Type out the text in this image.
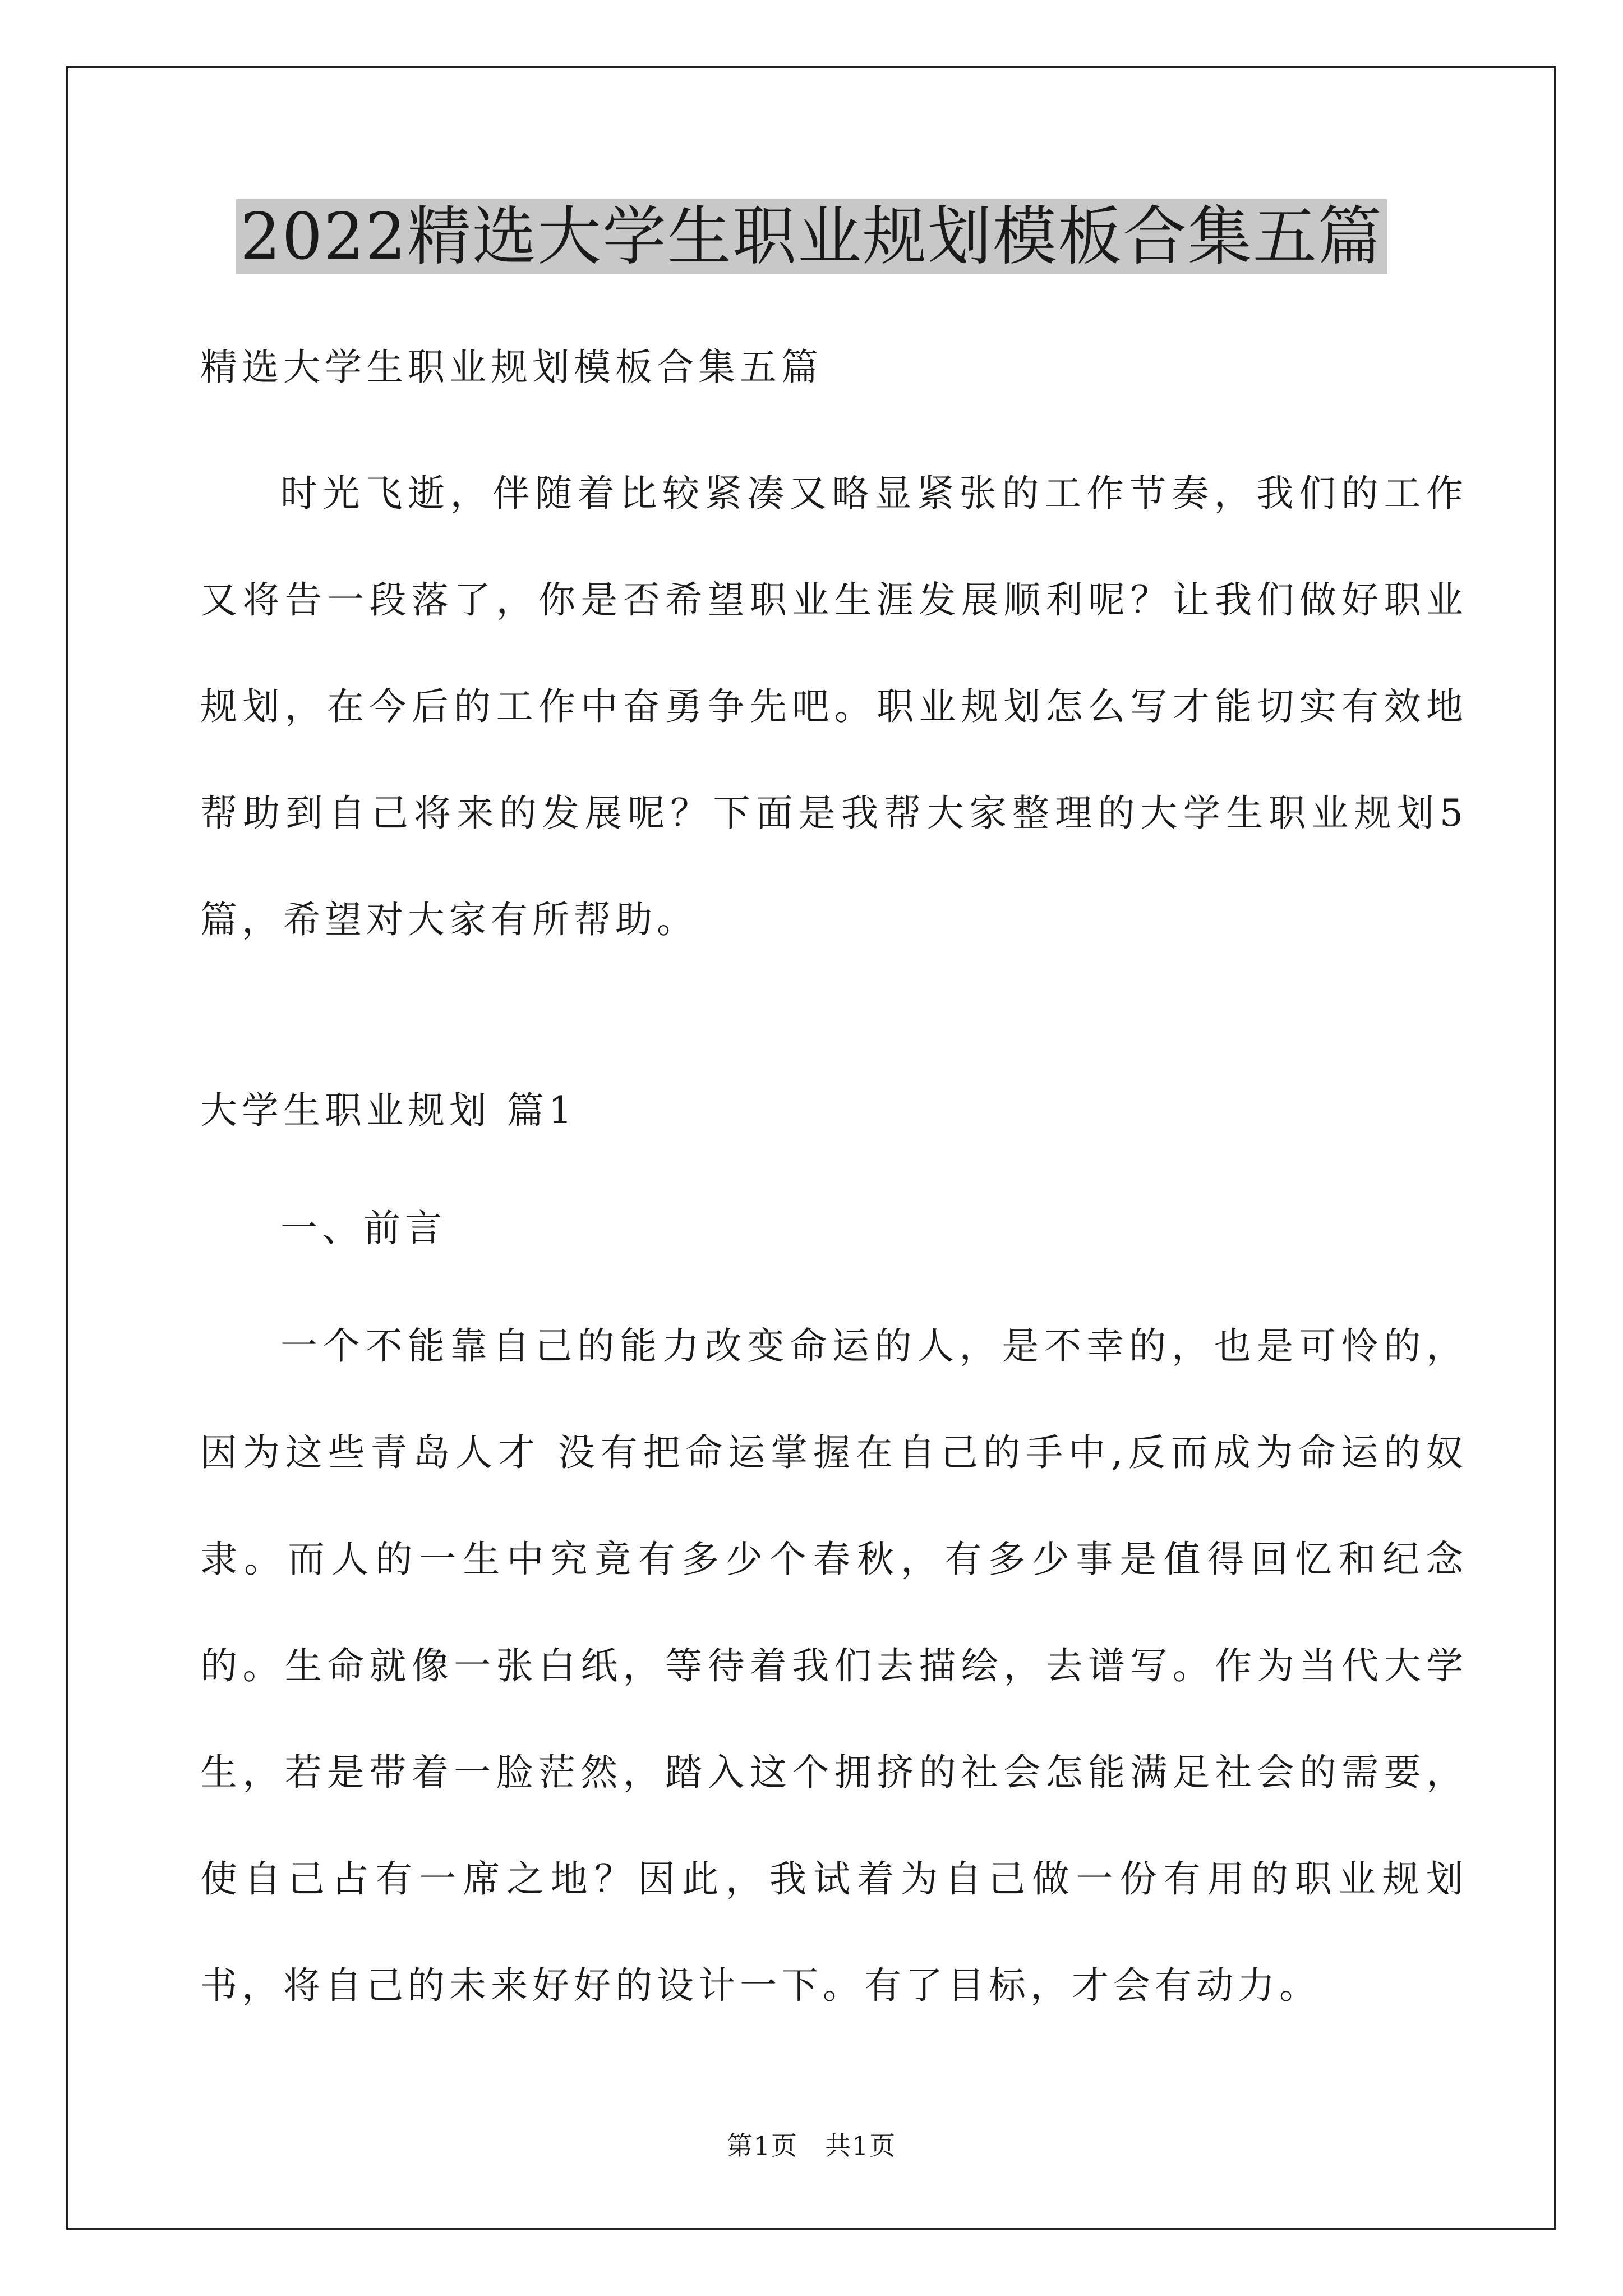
2022精选大学生职业规划模板合集五篇
精选大学生职业规划模板合集五篇
时光飞逝，伴随着比较紧凑又略显紧张的工作节奏，我们的工作又将告一段落了，你是否希望职业生涯发展顺利呢？让我们做好职业规划，在今后的工作中奋勇争先吧。职业规划怎么写才能切实有效地帮助到自己将来的发展呢？下面是我帮大家整理的大学生职业规划5篇，希望对大家有所帮助。
大学生职业规划 篇1
一、前言
一个不能靠自己的能力改变命运的人，是不幸的，也是可怜的，因为这些青岛人才 没有把命运掌握在自己的手中,反而成为命运的奴隶。而人的一生中究竟有多少个春秋，有多少事是值得回忆和纪念的。生命就像一张白纸，等待着我们去描绘，去谱写。作为当代大学生，若是带着一脸茫然，踏入这个拥挤的社会怎能满足社会的需要，使自己占有一席之地？因此，我试着为自己做一份有用的职业规划书，将自己的未来好好的设计一下。有了目标，才会有动力。
第1页 共1页
